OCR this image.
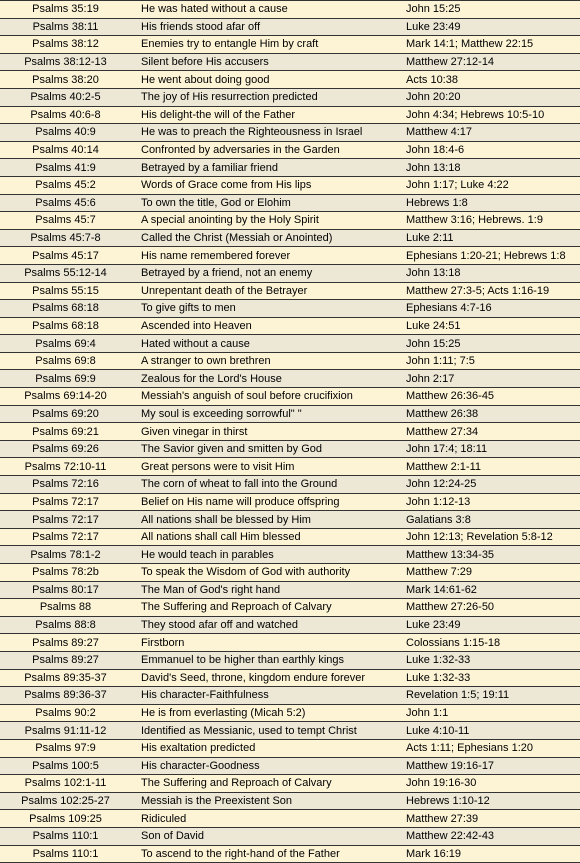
Psalms 35:19	He was hated without a cause	John 15:25
Psalms 38:11	His friends stood afar off	Luke 23:49
Psalms 38:12	Enemies try to entangle Him by craft	Mark 14:1; Matthew 22:15
Psalms 38:12-13	Silent before His accusers	Matthew 27:12-14
Psalms 38:20	He went about doing good	Acts 10:38
Psalms 40:2-5	The joy of His resurrection predicted	John 20:20
Psalms 40:6-8	His delight-the will of the Father	John 4:34; Hebrews 10:5-10
Psalms 40:9	He was to preach the Righteousness in Israel	Matthew 4:17
Psalms 40:14	Confronted by adversaries in the Garden	John 18:4-6
Psalms 41:9	Betrayed by a familiar friend	John 13:18
Psalms 45:2	Words of Grace come from His lips	John 1:17; Luke 4:22
Psalms 45:6	To own the title, God or Elohim	Hebrews 1:8
Psalms 45:7	A special anointing by the Holy Spirit	Matthew 3:16; Hebrews. 1:9
Psalms 45:7-8	Called the Christ (Messiah or Anointed)	Luke 2:11
Psalms 45:17	His name remembered forever	Ephesians 1:20-21; Hebrews 1:8
Psalms 55:12-14	Betrayed by a friend, not an enemy	John 13:18
Psalms 55:15	Unrepentant death of the Betrayer	Matthew 27:3-5; Acts 1:16-19
Psalms 68:18	To give gifts to men	Ephesians 4:7-16
Psalms 68:18	Ascended into Heaven	Luke 24:51
Psalms 69:4	Hated without a cause	John 15:25
Psalms 69:8	A stranger to own brethren	John 1:11; 7:5
Psalms 69:9	Zealous for the Lord's House	John 2:17
Psalms 69:14-20	Messiah's anguish of soul before crucifixion	Matthew 26:36-45
Psalms 69:20	My soul is exceeding sorrowful" "	Matthew 26:38
Psalms 69:21	Given vinegar in thirst	Matthew 27:34
Psalms 69:26	The Savior given and smitten by God	John 17:4; 18:11
Psalms 72:10-11	Great persons were to visit Him	Matthew 2:1-11
Psalms 72:16	The corn of wheat to fall into the Ground	John 12:24-25
Psalms 72:17	Belief on His name will produce offspring	John 1:12-13
Psalms 72:17	All nations shall be blessed by Him	Galatians 3:8
Psalms 72:17	All nations shall call Him blessed	John 12:13; Revelation 5:8-12
Psalms 78:1-2	He would teach in parables	Matthew 13:34-35
Psalms 78:2b	To speak the Wisdom of God with authority	Matthew 7:29
Psalms 80:17	The Man of God's right hand	Mark 14:61-62
Psalms 88	The Suffering and Reproach of Calvary	Matthew 27:26-50
Psalms 88:8	They stood afar off and watched	Luke 23:49
Psalms 89:27	Firstborn	Colossians 1:15-18
Psalms 89:27	Emmanuel to be higher than earthly kings	Luke 1:32-33
Psalms 89:35-37	David's Seed, throne, kingdom endure forever	Luke 1:32-33
Psalms 89:36-37	His character-Faithfulness	Revelation 1:5; 19:11
Psalms 90:2	He is from everlasting (Micah 5:2)	John 1:1
Psalms 91:11-12	Identified as Messianic, used to tempt Christ	Luke 4:10-11
Psalms 97:9	His exaltation predicted	Acts 1:11; Ephesians 1:20
Psalms 100:5	His character-Goodness	Matthew 19:16-17
Psalms 102:1-11	The Suffering and Reproach of Calvary	John 19:16-30
Psalms 102:25-27	Messiah is the Preexistent Son	Hebrews 1:10-12
Psalms 109:25	Ridiculed	Matthew 27:39
Psalms 110:1	Son of David	Matthew 22:42-43
Psalms 110:1	To ascend to the right-hand of the Father	Mark 16:19
